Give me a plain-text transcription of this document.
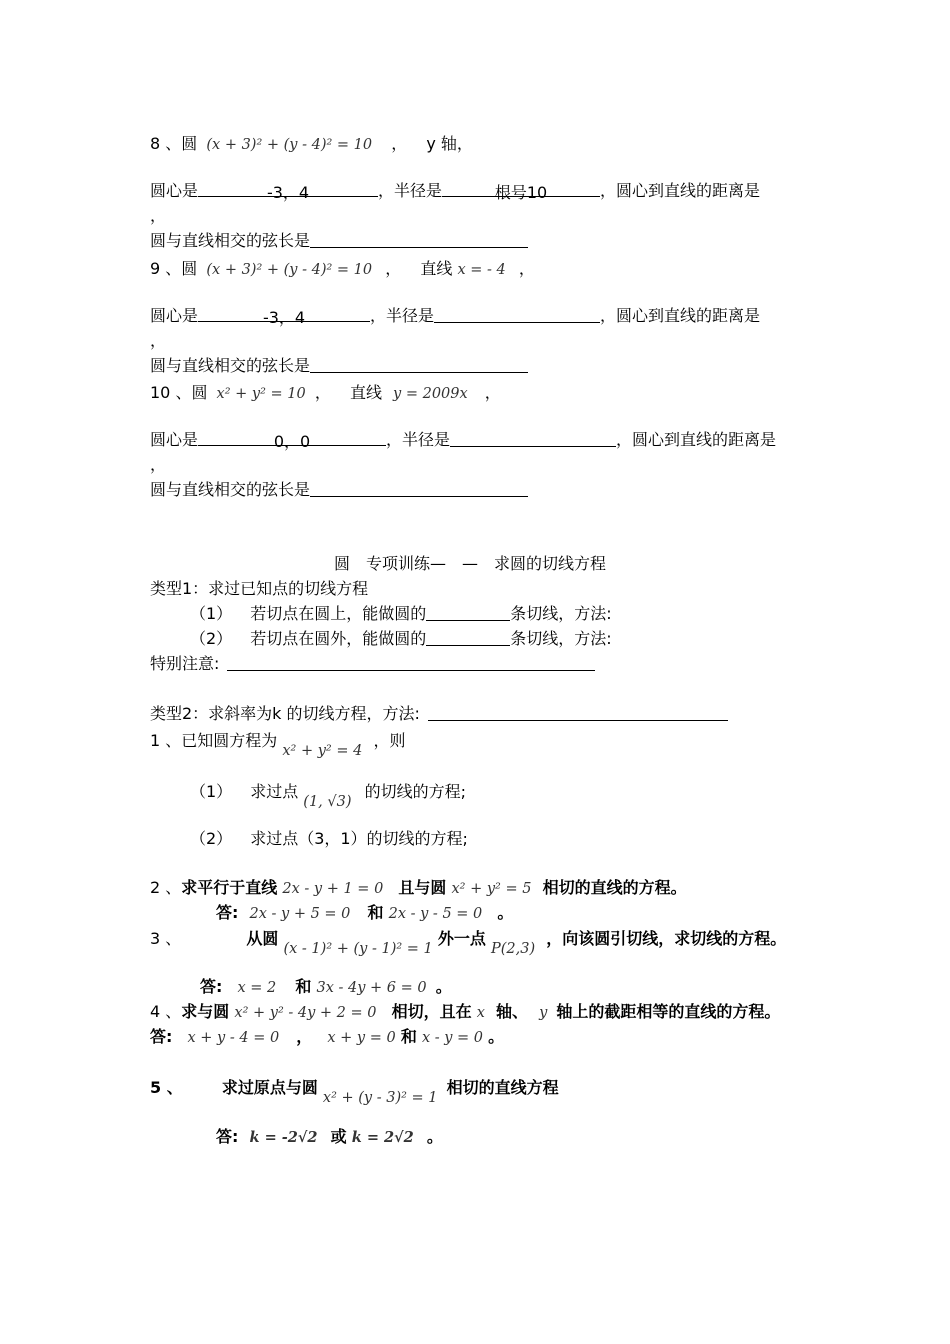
8 、圆 (x + 3)² + (y - 4)² = 10 ， y 轴，
圆心是	-3，4	，半径是	根号10	，圆心到直线的距离是
，
圆与直线相交的弦长是
9 、圆 (x + 3)² + (y - 4)² = 10 ， 直线 x = - 4 ，
圆心是	-3，4	，半径是	，圆心到直线的距离是
，
圆与直线相交的弦长是
10 、圆 x² + y² = 10 ， 直线 y = 2009x ，
圆心是	0，0	，半径是	，圆心到直线的距离是
，
圆与直线相交的弦长是
圆　专项训练—　—　求圆的切线方程
类型1：求过已知点的切线方程
（1） 若切点在圆上，能做圆的	条切线，方法:
（2） 若切点在圆外，能做圆的	条切线，方法:
特别注意:
类型2：求斜率为k 的切线方程，方法:
1 、已知圆方程为 x² + y² = 4 ，则
（1） 求过点 (1, √3) 的切线的方程;
（2） 求过点（3，1）的切线的方程;
2 、求平行于直线 2x - y + 1 = 0 且与圆 x² + y² = 5 相切的直线的方程。
答: 2x - y + 5 = 0 和 2x - y - 5 = 0 。
3 、	从圆 (x - 1)² + (y - 1)² = 1 外一点 P(2,3) ，向该圆引切线，求切线的方程。
答: x = 2 和 3x - 4y + 6 = 0 。
4 、求与圆 x² + y² - 4y + 2 = 0 相切，且在 x 轴、 y 轴上的截距相等的直线的方程。
答: x + y - 4 = 0 ， x + y = 0 和 x - y = 0 。
5 、 求过原点与圆 x² + (y - 3)² = 1 相切的直线方程
答: k = -2√2 或 k = 2√2 。
